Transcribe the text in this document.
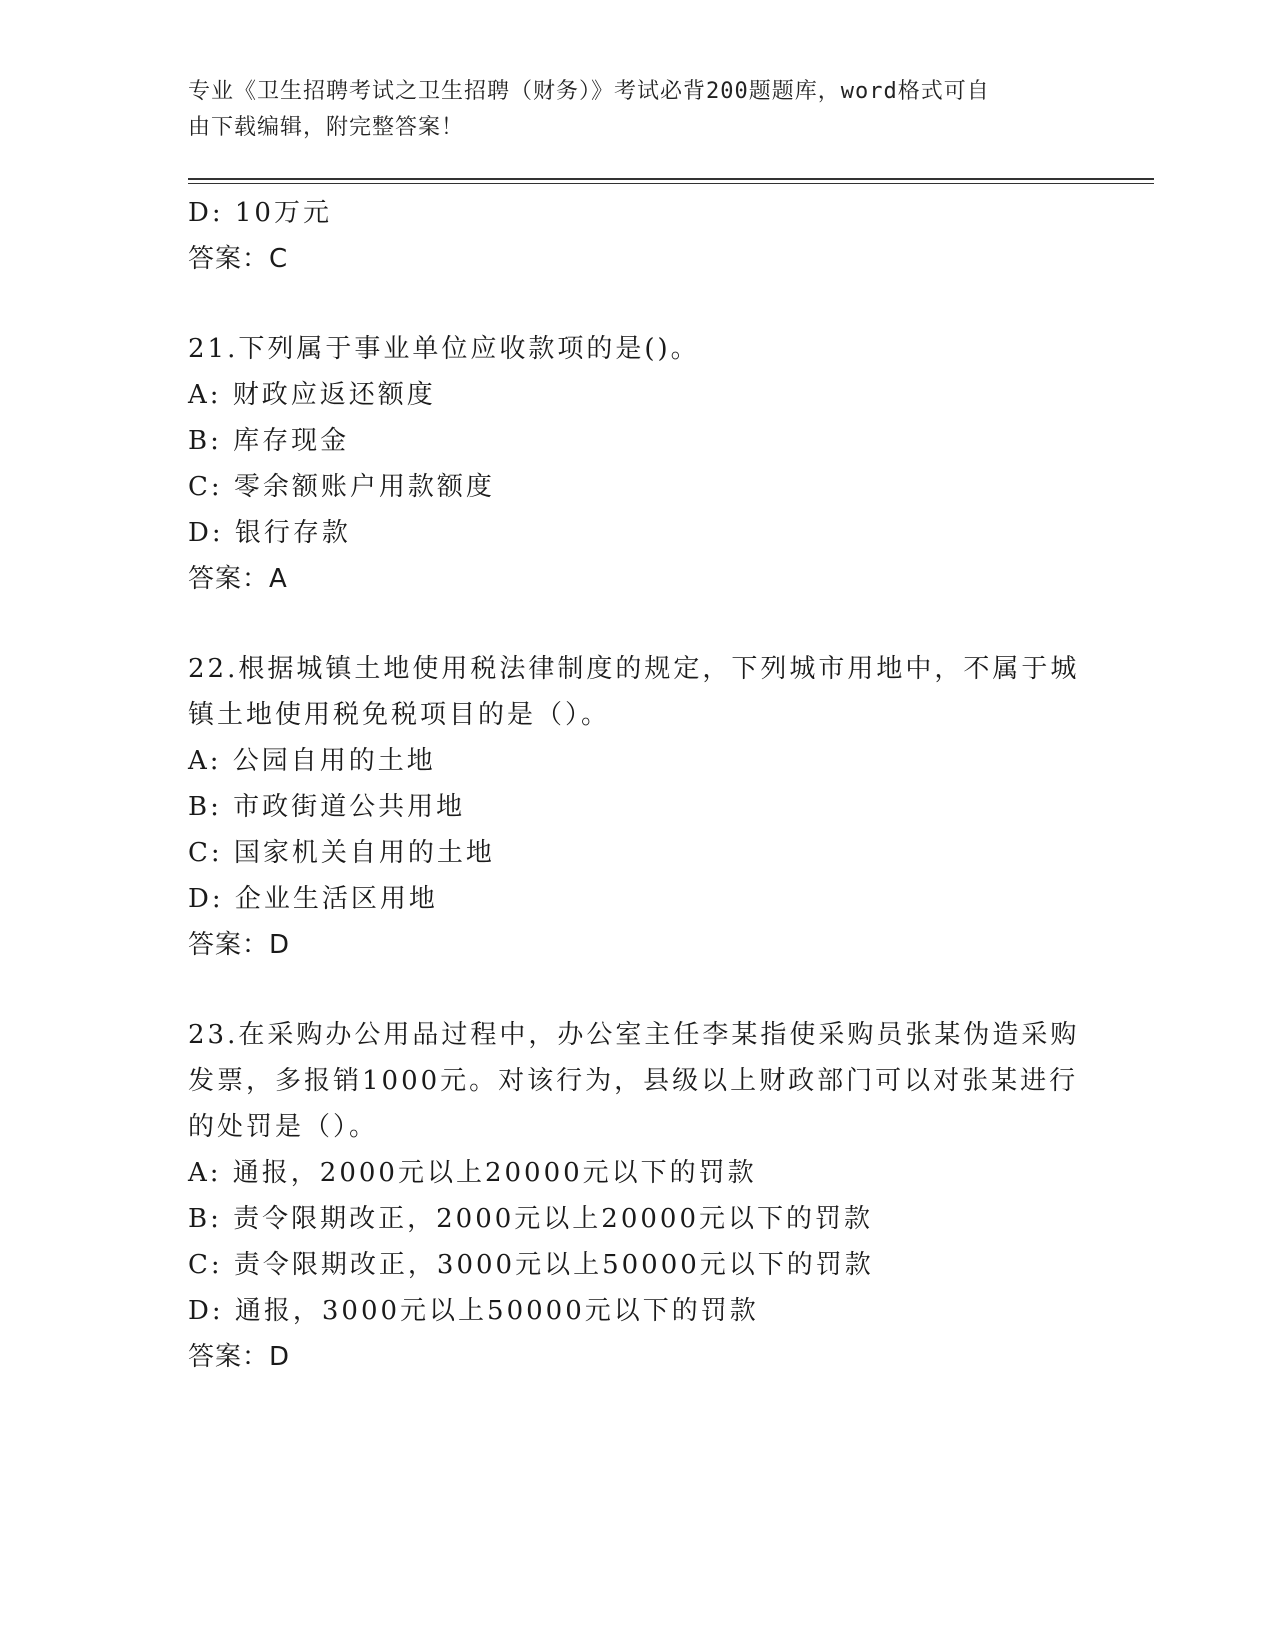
专业《卫生招聘考试之卫生招聘（财务）》考试必背200题题库，word格式可自
由下载编辑，附完整答案！
D: 10万元
答案：C
21.下列属于事业单位应收款项的是()。
A: 财政应返还额度
B: 库存现金
C: 零余额账户用款额度
D: 银行存款
答案：A
22.根据城镇土地使用税法律制度的规定，下列城市用地中，不属于城
镇土地使用税免税项目的是（）。
A: 公园自用的土地
B: 市政街道公共用地
C: 国家机关自用的土地
D: 企业生活区用地
答案：D
23.在采购办公用品过程中，办公室主任李某指使采购员张某伪造采购
发票，多报销1000元。对该行为，县级以上财政部门可以对张某进行
的处罚是（）。
A: 通报，2000元以上20000元以下的罚款
B: 责令限期改正，2000元以上20000元以下的罚款
C: 责令限期改正，3000元以上50000元以下的罚款
D: 通报，3000元以上50000元以下的罚款
答案：D
